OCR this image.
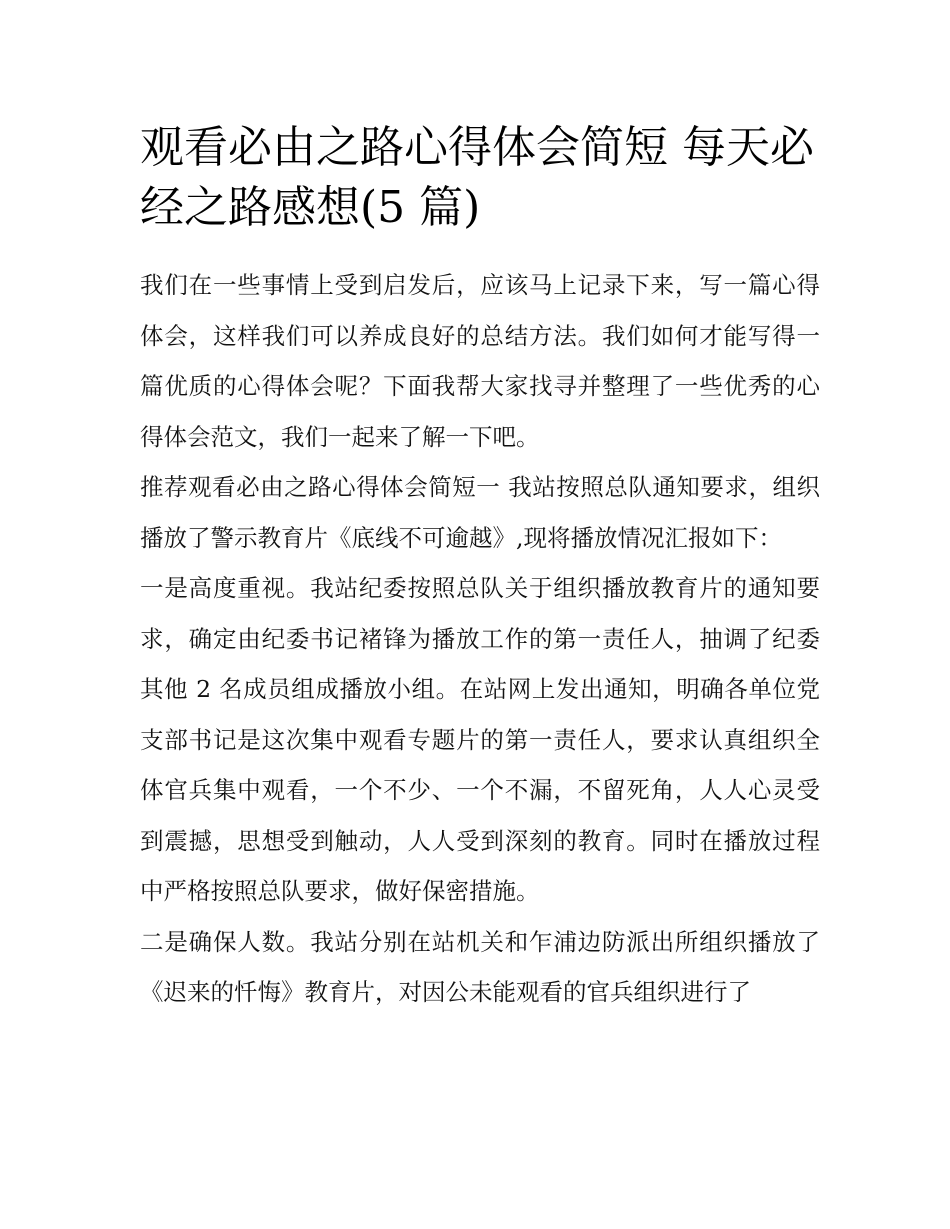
观看必由之路心得体会简短 每天必经之路感想(5 篇)

我们在一些事情上受到启发后，应该马上记录下来，写一篇心得体会，这样我们可以养成良好的总结方法。我们如何才能写得一篇优质的心得体会呢？下面我帮大家找寻并整理了一些优秀的心得体会范文，我们一起来了解一下吧。

推荐观看必由之路心得体会简短一 我站按照总队通知要求，组织播放了警示教育片《底线不可逾越》,现将播放情况汇报如下：

一是高度重视。我站纪委按照总队关于组织播放教育片的通知要求，确定由纪委书记褚锋为播放工作的第一责任人，抽调了纪委其他 2 名成员组成播放小组。在站网上发出通知，明确各单位党支部书记是这次集中观看专题片的第一责任人，要求认真组织全体官兵集中观看，一个不少、一个不漏，不留死角，人人心灵受到震撼，思想受到触动，人人受到深刻的教育。同时在播放过程中严格按照总队要求，做好保密措施。

二是确保人数。我站分别在站机关和乍浦边防派出所组织播放了《迟来的忏悔》教育片，对因公未能观看的官兵组织进行了
